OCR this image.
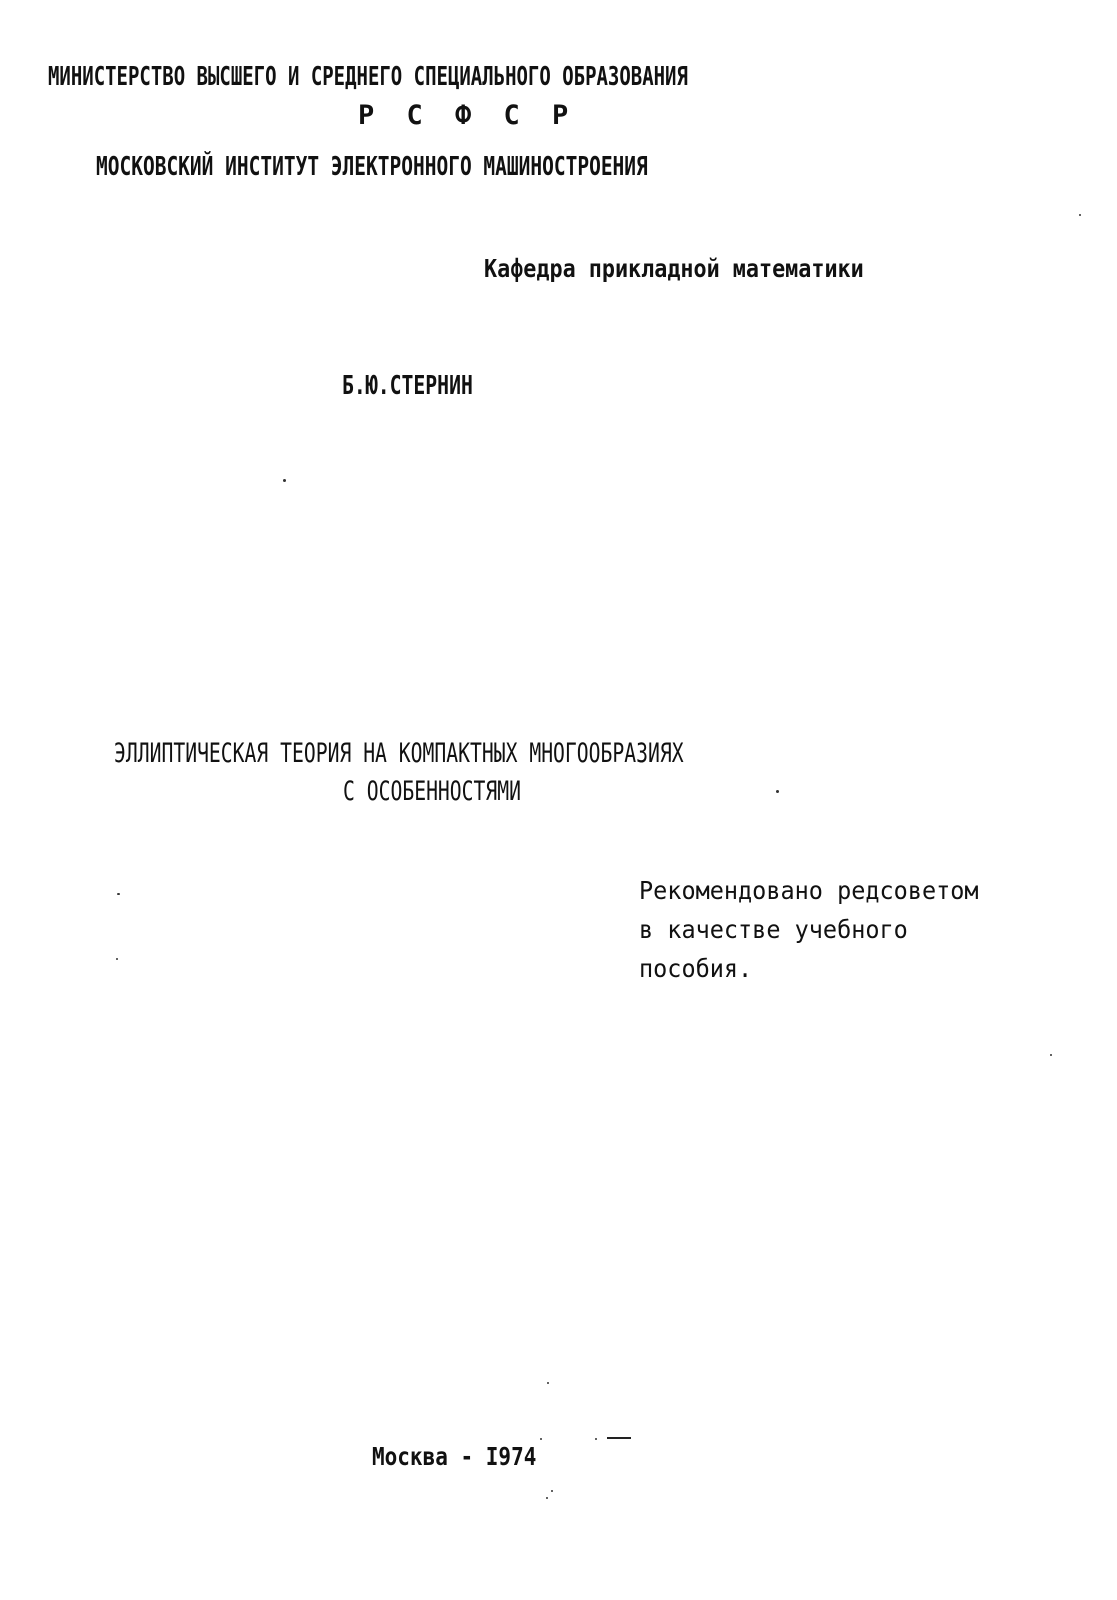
МИНИСТЕРСТВО ВЫСШЕГО И СРЕДНЕГО СПЕЦИАЛЬНОГО ОБРАЗОВАНИЯ
Р С Ф С Р
МОСКОВСКИЙ ИНСТИТУТ ЭЛЕКТРОННОГО МАШИНОСТРОЕНИЯ
Кафедра прикладной математики
Б.Ю.СТЕРНИН
ЭЛЛИПТИЧЕСКАЯ ТЕОРИЯ НА КОМПАКТНЫХ МНОГООБРАЗИЯХ
С ОСОБЕННОСТЯМИ
Рекомендовано редсоветом
в качестве учебного
пособия.
Москва - I974
